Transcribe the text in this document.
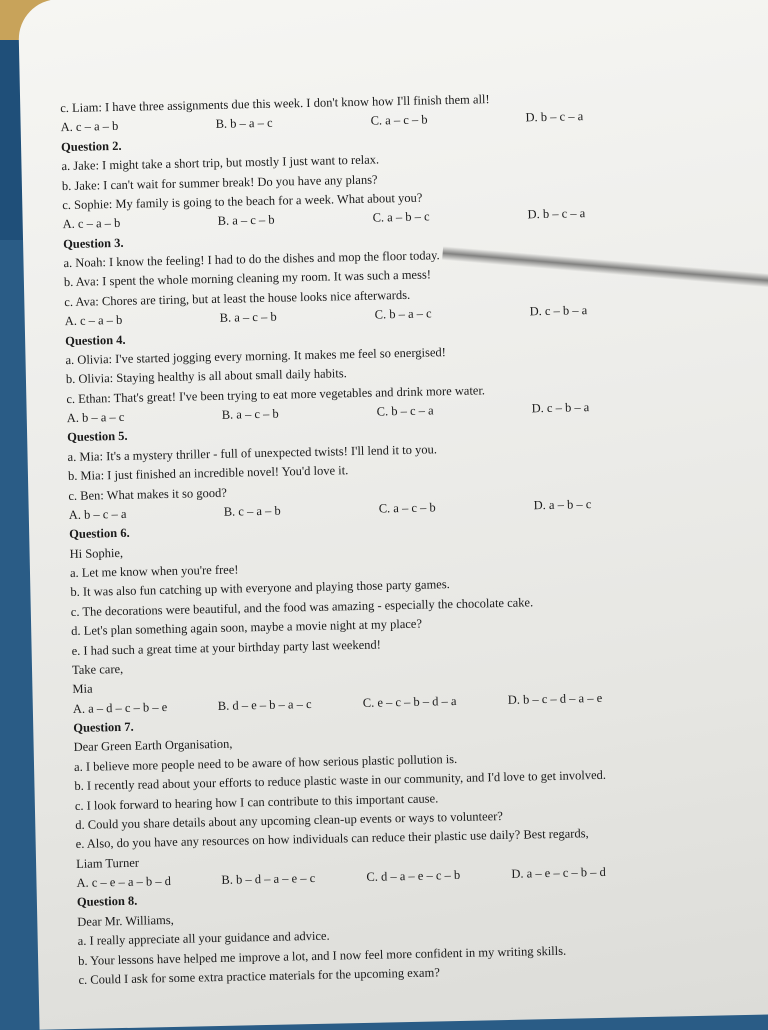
c. Liam: I have three assignments due this week. I don't know how I'll finish them all!
A. c – a – b	B. b – a – c	C. a – c – b	D. b – c – a
Question 2.
a. Jake: I might take a short trip, but mostly I just want to relax.
b. Jake: I can't wait for summer break! Do you have any plans?
c. Sophie: My family is going to the beach for a week. What about you?
A. c – a – b	B. a – c – b	C. a – b – c	D. b – c – a
Question 3.
a. Noah: I know the feeling! I had to do the dishes and mop the floor today.
b. Ava: I spent the whole morning cleaning my room. It was such a mess!
c. Ava: Chores are tiring, but at least the house looks nice afterwards.
A. c – a – b	B. a – c – b	C. b – a – c	D. c – b – a
Question 4.
a. Olivia: I've started jogging every morning. It makes me feel so energised!
b. Olivia: Staying healthy is all about small daily habits.
c. Ethan: That's great! I've been trying to eat more vegetables and drink more water.
A. b – a – c	B. a – c – b	C. b – c – a	D. c – b – a
Question 5.
a. Mia: It's a mystery thriller - full of unexpected twists! I'll lend it to you.
b. Mia: I just finished an incredible novel! You'd love it.
c. Ben: What makes it so good?
A. b – c – a	B. c – a – b	C. a – c – b	D. a – b – c
Question 6.
Hi Sophie,
a. Let me know when you're free!
b. It was also fun catching up with everyone and playing those party games.
c. The decorations were beautiful, and the food was amazing - especially the chocolate cake.
d. Let's plan something again soon, maybe a movie night at my place?
e. I had such a great time at your birthday party last weekend!
Take care,
Mia
A. a – d – c – b – e	B. d – e – b – a – c	C. e – c – b – d – a	D. b – c – d – a – e
Question 7.
Dear Green Earth Organisation,
a. I believe more people need to be aware of how serious plastic pollution is.
b. I recently read about your efforts to reduce plastic waste in our community, and I'd love to get involved.
c. I look forward to hearing how I can contribute to this important cause.
d. Could you share details about any upcoming clean-up events or ways to volunteer?
e. Also, do you have any resources on how individuals can reduce their plastic use daily? Best regards,
Liam Turner
A. c – e – a – b – d	B. b – d – a – e – c	C. d – a – e – c – b	D. a – e – c – b – d
Question 8.
Dear Mr. Williams,
a. I really appreciate all your guidance and advice.
b. Your lessons have helped me improve a lot, and I now feel more confident in my writing skills.
c. Could I ask for some extra practice materials for the upcoming exam?
